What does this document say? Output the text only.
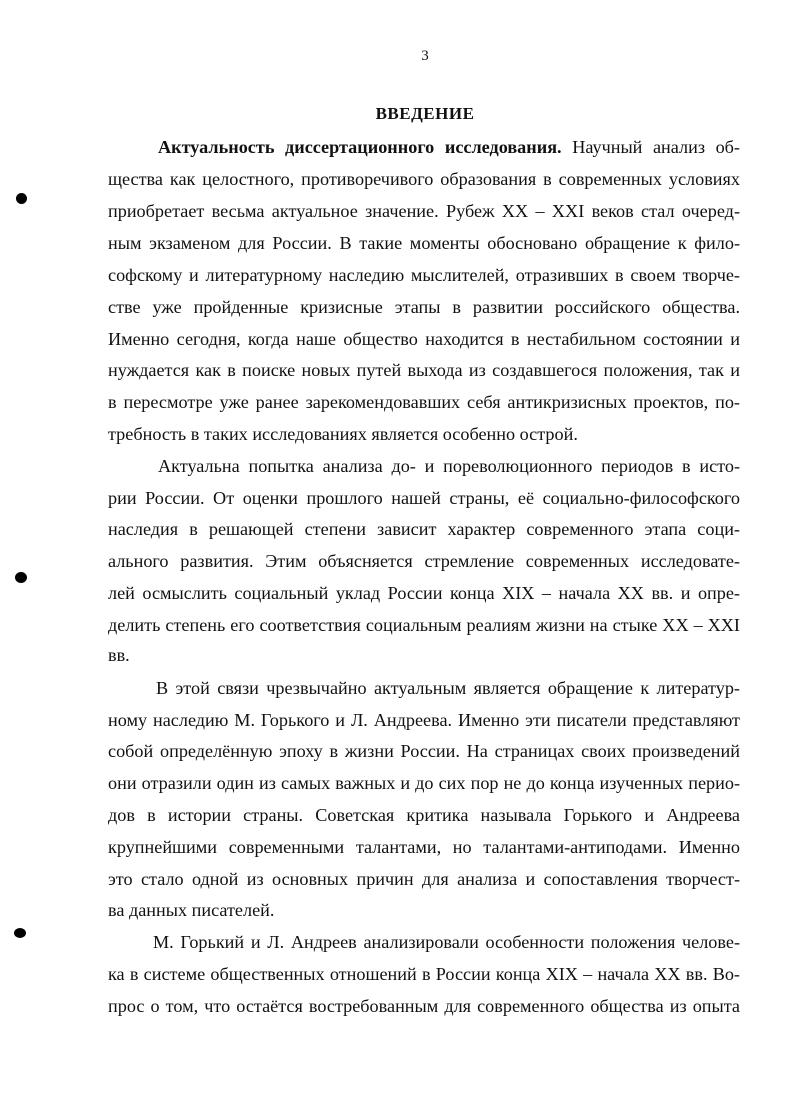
3
ВВЕДЕНИЕ
Актуальность диссертационного исследования. Научный анализ об-
щества как целостного, противоречивого образования в современных условиях
приобретает весьма актуальное значение. Рубеж XX – XXI веков стал очеред-
ным экзаменом для России. В такие моменты обосновано обращение к фило-
софскому и литературному наследию мыслителей, отразивших в своем творче-
стве уже пройденные кризисные этапы в развитии российского общества.
Именно сегодня, когда наше общество находится в нестабильном состоянии и
нуждается как в поиске новых путей выхода из создавшегося положения, так и
в пересмотре уже ранее зарекомендовавших себя антикризисных проектов, по-
требность в таких исследованиях является особенно острой.
Актуальна попытка анализа до- и пореволюционного периодов в исто-
рии России. От оценки прошлого нашей страны, её социально-философского
наследия в решающей степени зависит характер современного этапа соци-
ального развития. Этим объясняется стремление современных исследовате-
лей осмыслить социальный уклад России конца XIX – начала XX вв. и опре-
делить степень его соответствия социальным реалиям жизни на стыке XX – XXI
вв.
В этой связи чрезвычайно актуальным является обращение к литератур-
ному наследию М. Горького и Л. Андреева. Именно эти писатели представляют
собой определённую эпоху в жизни России. На страницах своих произведений
они отразили один из самых важных и до сих пор не до конца изученных перио-
дов в истории страны. Советская критика называла Горького и Андреева
крупнейшими современными талантами, но талантами-антиподами. Именно
это стало одной из основных причин для анализа и сопоставления творчест-
ва данных писателей.
М. Горький и Л. Андреев анализировали особенности положения челове-
ка в системе общественных отношений в России конца XIX – начала XX вв. Во-
прос о том, что остаётся востребованным для современного общества из опыта
